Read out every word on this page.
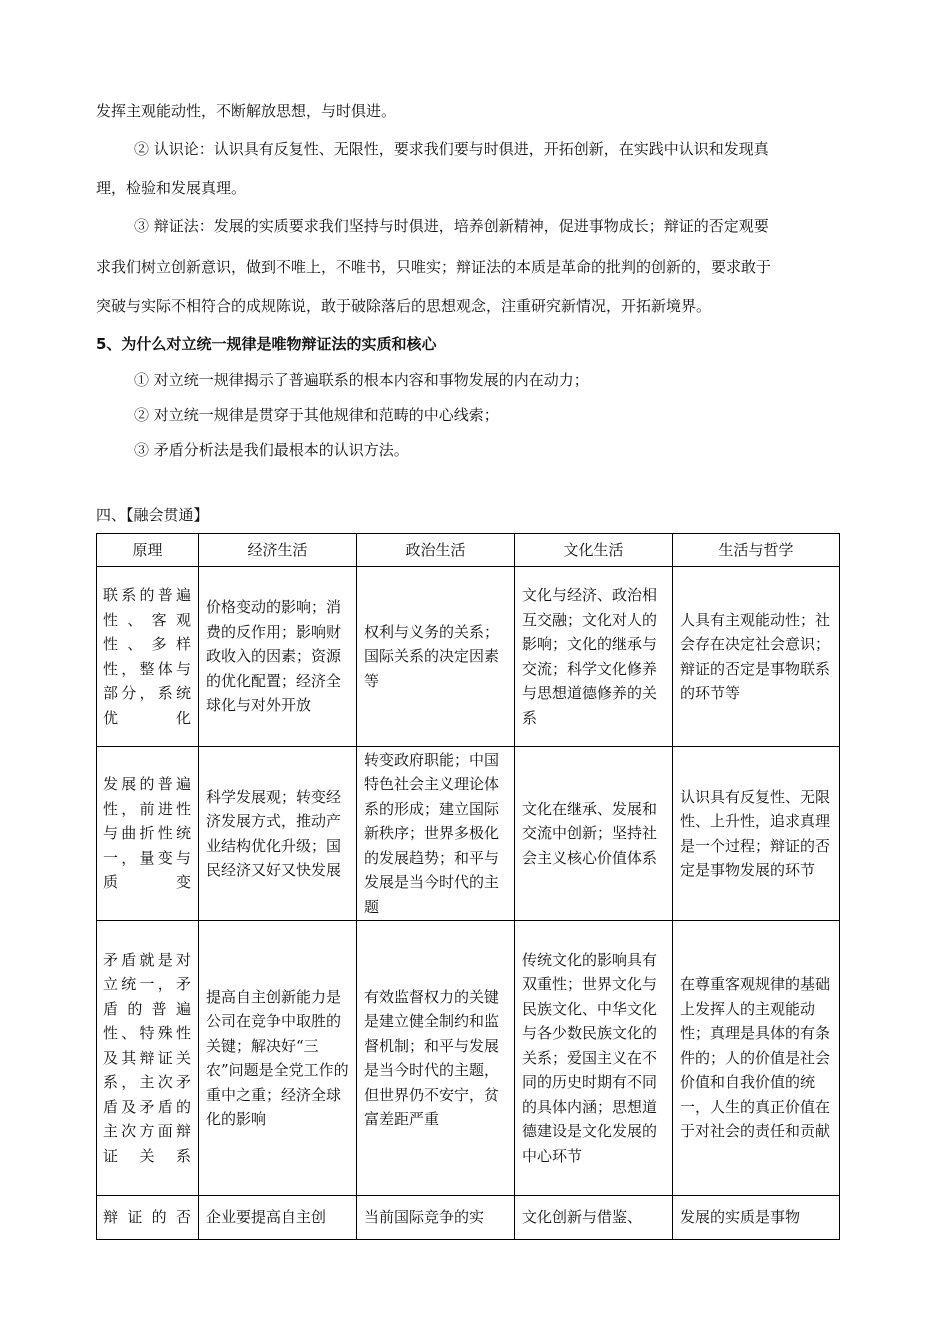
发挥主观能动性，不断解放思想，与时俱进。
② 认识论：认识具有反复性、无限性，要求我们要与时俱进，开拓创新，在实践中认识和发现真
理，检验和发展真理。
③ 辩证法：发展的实质要求我们坚持与时俱进，培养创新精神，促进事物成长；辩证的否定观要
求我们树立创新意识，做到不唯上，不唯书，只唯实；辩证法的本质是革命的批判的创新的，要求敢于
突破与实际不相符合的成规陈说，敢于破除落后的思想观念，注重研究新情况，开拓新境界。
5、为什么对立统一规律是唯物辩证法的实质和核心
① 对立统一规律揭示了普遍联系的根本内容和事物发展的内在动力；
② 对立统一规律是贯穿于其他规律和范畴的中心线索；
③ 矛盾分析法是我们最根本的认识方法。
四、【融会贯通】
原理	经济生活	政治生活	文化生活	生活与哲学
联系的普遍性、客观性、多样性，整体与部分，系统优化	价格变动的影响；消费的反作用；影响财政收入的因素；资源的优化配置；经济全球化与对外开放	权利与义务的关系；国际关系的决定因素等	文化与经济、政治相互交融；文化对人的影响；文化的继承与交流；科学文化修养与思想道德修养的关系	人具有主观能动性；社会存在决定社会意识；辩证的否定是事物联系的环节等
发展的普遍性，前进性与曲折性统一，量变与质变	科学发展观；转变经济发展方式，推动产业结构优化升级；国民经济又好又快发展	转变政府职能；中国特色社会主义理论体系的形成；建立国际新秩序；世界多极化的发展趋势；和平与发展是当今时代的主题	文化在继承、发展和交流中创新；坚持社会主义核心价值体系	认识具有反复性、无限性、上升性，追求真理是一个过程；辩证的否定是事物发展的环节
矛盾就是对立统一，矛盾的普遍性、特殊性及其辩证关系，主次矛盾及矛盾的主次方面辩证关系	提高自主创新能力是公司在竞争中取胜的关键；解决好“三农”问题是全党工作的重中之重；经济全球化的影响	有效监督权力的关键是建立健全制约和监督机制；和平与发展是当今时代的主题，但世界仍不安宁，贫富差距严重	传统文化的影响具有双重性；世界文化与民族文化、中华文化与各少数民族文化的关系；爱国主义在不同的历史时期有不同的具体内涵；思想道德建设是文化发展的中心环节	在尊重客观规律的基础上发挥人的主观能动性；真理是具体的有条件的；人的价值是社会价值和自我价值的统一，人生的真正价值在于对社会的责任和贡献
辩证的否	企业要提高自主创	当前国际竞争的实	文化创新与借鉴、	发展的实质是事物
